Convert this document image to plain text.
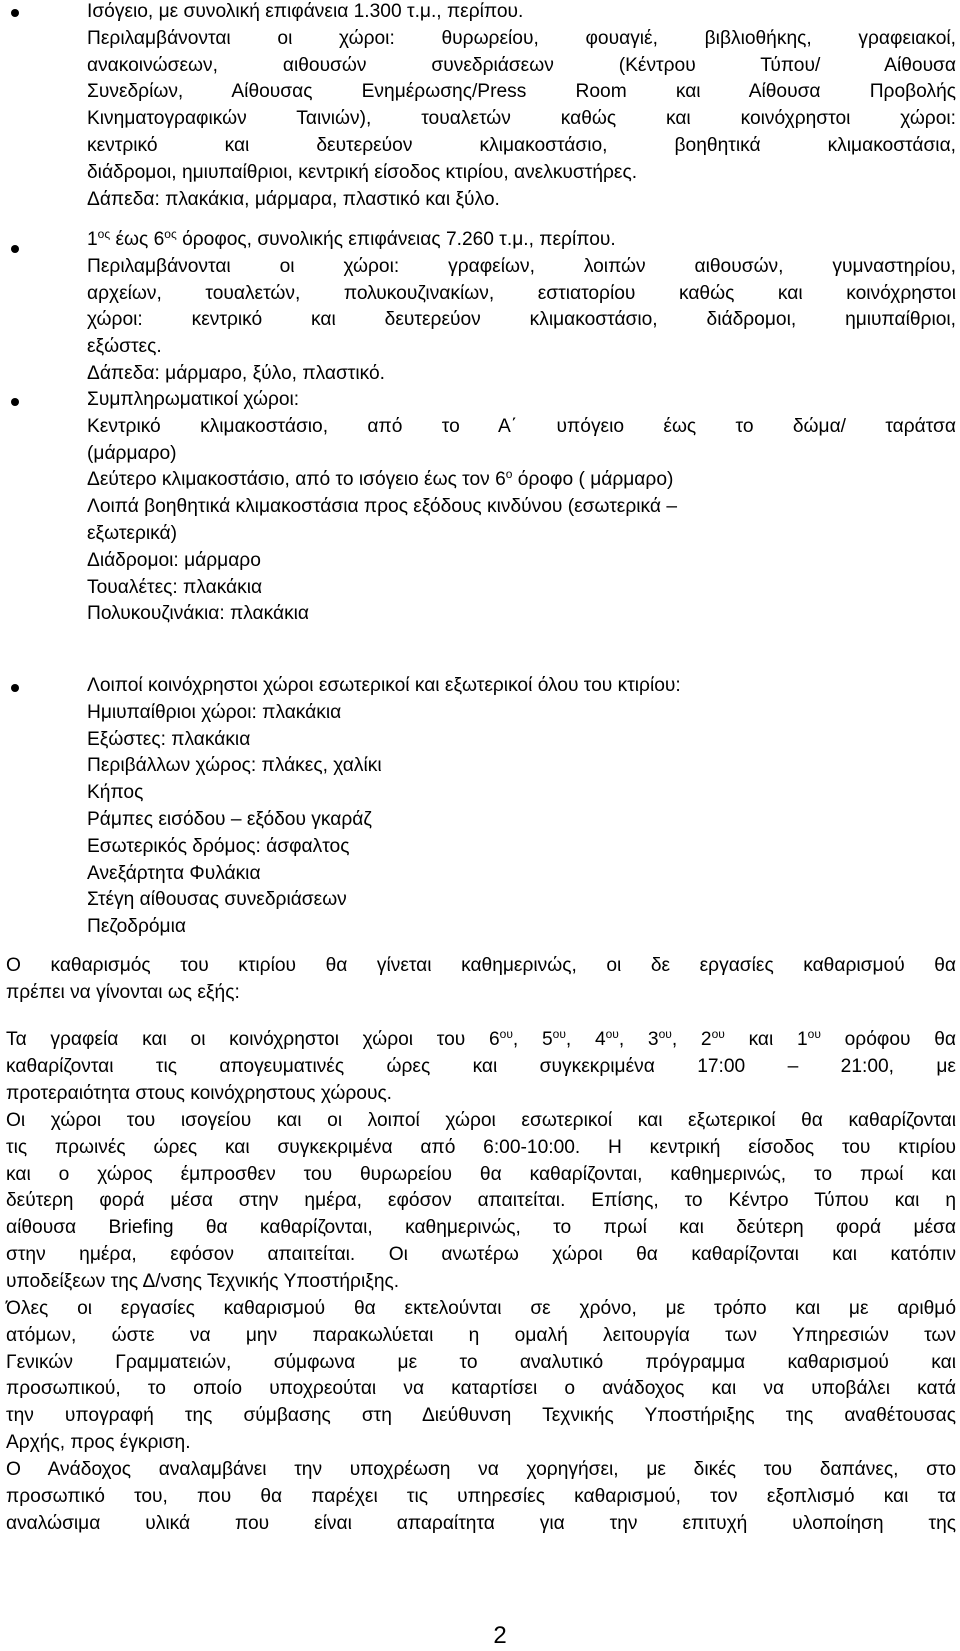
Ισόγειο, με συνολική επιφάνεια 1.300 τ.μ., περίπου.
Περιλαμβάνονται οι χώροι: θυρωρείου, φουαγιέ, βιβλιοθήκης, γραφειακοί,
ανακοινώσεων, αιθουσών συνεδριάσεων (Κέντρου Τύπου/ Αίθουσα
Συνεδρίων, Αίθουσας Ενημέρωσης/Press Room και Αίθουσα Προβολής
Κινηματογραφικών Ταινιών), τουαλετών καθώς και κοινόχρηστοι χώροι:
κεντρικό και δευτερεύον κλιμακοστάσιο, βοηθητικά κλιμακοστάσια,
διάδρομοι, ημιυπαίθριοι, κεντρική είσοδος κτιρίου, ανελκυστήρες.
Δάπεδα: πλακάκια, μάρμαρα, πλαστικό και ξύλο.
$1^{o\varsigma}$ έως $6^{o\varsigma}$ όροφος, συνολικής επιφάνειας 7.260 τ.μ., περίπου.
Περιλαμβάνονται οι χώροι: γραφείων, λοιπών αιθουσών, γυμναστηρίου,
αρχείων, τουαλετών, πολυκουζινακίων, εστιατορίου καθώς και κοινόχρηστοι
χώροι: κεντρικό και δευτερεύον κλιμακοστάσιο, διάδρομοι, ημιυπαίθριοι,
εξώστες.
Δάπεδα: μάρμαρο, ξύλο, πλαστικό.
Συμπληρωματικοί χώροι:
Κεντρικό κλιμακοστάσιο, από το Α΄ υπόγειο έως το δώμα/ ταράτσα
(μάρμαρο)
Δεύτερο κλιμακοστάσιο, από το ισόγειο έως τον $6^o$ όροφο ( μάρμαρο)
Λοιπά βοηθητικά κλιμακοστάσια προς εξόδους κινδύνου (εσωτερικά –
εξωτερικά)
Διάδρομοι: μάρμαρο
Τουαλέτες: πλακάκια
Πολυκουζινάκια: πλακάκια
Λοιποί κοινόχρηστοι χώροι εσωτερικοί και εξωτερικοί όλου του κτιρίου:
Ημιυπαίθριοι χώροι: πλακάκια
Εξώστες: πλακάκια
Περιβάλλων χώρος: πλάκες, χαλίκι
Κήπος
Ράμπες εισόδου – εξόδου γκαράζ
Εσωτερικός δρόμος: άσφαλτος
Ανεξάρτητα Φυλάκια
Στέγη αίθουσας συνεδριάσεων
Πεζοδρόμια
Ο καθαρισμός του κτιρίου θα γίνεται καθημερινώς, οι δε εργασίες καθαρισμού θα
πρέπει να γίνονται ως εξής:
Τα γραφεία και οι κοινόχρηστοι χώροι του $6^{o\upsilon}$, $5^{o\upsilon}$, $4^{o\upsilon}$, $3^{o\upsilon}$, $2^{o\upsilon}$ και $1^{o\upsilon}$ ορόφου θα
καθαρίζονται τις απογευματινές ώρες και συγκεκριμένα 17:00 – 21:00, με
προτεραιότητα στους κοινόχρηστους χώρους.
Οι χώροι του ισογείου και οι λοιποί χώροι εσωτερικοί και εξωτερικοί θα καθαρίζονται
τις πρωινές ώρες και συγκεκριμένα από 6:00-10:00. Η κεντρική είσοδος του κτιρίου
και ο χώρος έμπροσθεν του θυρωρείου θα καθαρίζονται, καθημερινώς, το πρωί και
δεύτερη φορά μέσα στην ημέρα, εφόσον απαιτείται. Επίσης, το Κέντρο Τύπου και η
αίθουσα Briefing θα καθαρίζονται, καθημερινώς, το πρωί και δεύτερη φορά μέσα
στην ημέρα, εφόσον απαιτείται. Οι ανωτέρω χώροι θα καθαρίζονται και κατόπιν
υποδείξεων της Δ/νσης Τεχνικής Υποστήριξης.
Όλες οι εργασίες καθαρισμού θα εκτελούνται σε χρόνο, με τρόπο και με αριθμό
ατόμων, ώστε να μην παρακωλύεται η ομαλή λειτουργία των Υπηρεσιών των
Γενικών Γραμματειών, σύμφωνα με το αναλυτικό πρόγραμμα καθαρισμού και
προσωπικού, το οποίο υποχρεούται να καταρτίσει ο ανάδοχος και να υποβάλει κατά
την υπογραφή της σύμβασης στη Διεύθυνση Τεχνικής Υποστήριξης της αναθέτουσας
Αρχής, προς έγκριση.
Ο Ανάδοχος αναλαμβάνει την υποχρέωση να χορηγήσει, με δικές του δαπάνες, στο
προσωπικό του, που θα παρέχει τις υπηρεσίες καθαρισμού, τον εξοπλισμό και τα
αναλώσιμα υλικά που είναι απαραίτητα για την επιτυχή υλοποίηση της
2
